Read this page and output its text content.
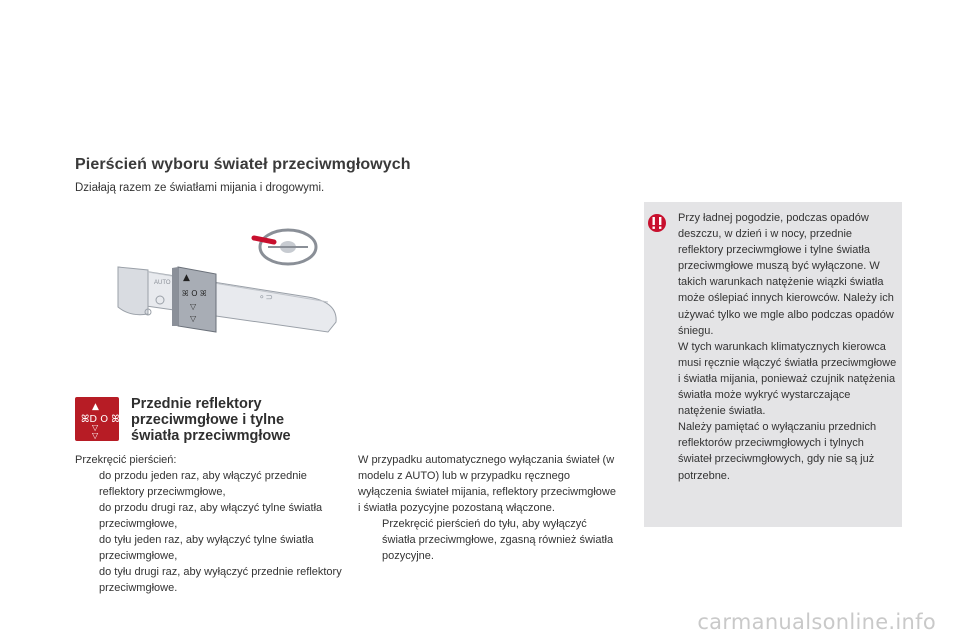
Pierścień wyboru świateł przeciwmgłowych
Działają razem ze światłami mijania i drogowymi.
▲
ꕤ O ꕤ
▽
▽
AUTO
⚬⊃
▲
ꕤD O ꕤ
▽
▽
Przednie reflektory przeciwmgłowe i tylne światła przeciwmgłowe
Przekręcić pierścień:
do przodu jeden raz, aby włączyć przednie reflektory przeciwmgłowe,
do przodu drugi raz, aby włączyć tylne światła przeciwmgłowe,
do tyłu jeden raz, aby wyłączyć tylne światła przeciwmgłowe,
do tyłu drugi raz, aby wyłączyć przednie reflektory przeciwmgłowe.
W przypadku automatycznego wyłączania świateł (w modelu z AUTO) lub w przypadku ręcznego wyłączenia świateł mijania, reflektory przeciwmgłowe i światła pozycyjne pozostaną włączone.
Przekręcić pierścień do tyłu, aby wyłączyć światła przeciwmgłowe, zgasną również światła pozycyjne.
Przy ładnej pogodzie, podczas opadów deszczu, w dzień i w nocy, przednie reflektory przeciwmgłowe i tylne światła przeciwmgłowe muszą być wyłączone. W takich warunkach natężenie wiązki światła może oślepiać innych kierowców. Należy ich używać tylko we mgle albo podczas opadów śniegu.
W tych warunkach klimatycznych kierowca musi ręcznie włączyć światła przeciwmgłowe i światła mijania, ponieważ czujnik natężenia światła może wykryć wystarczające natężenie światła.
Należy pamiętać o wyłączaniu przednich reflektorów przeciwmgłowych i tylnych świateł przeciwmgłowych, gdy nie są już potrzebne.
carmanualsonline.info
